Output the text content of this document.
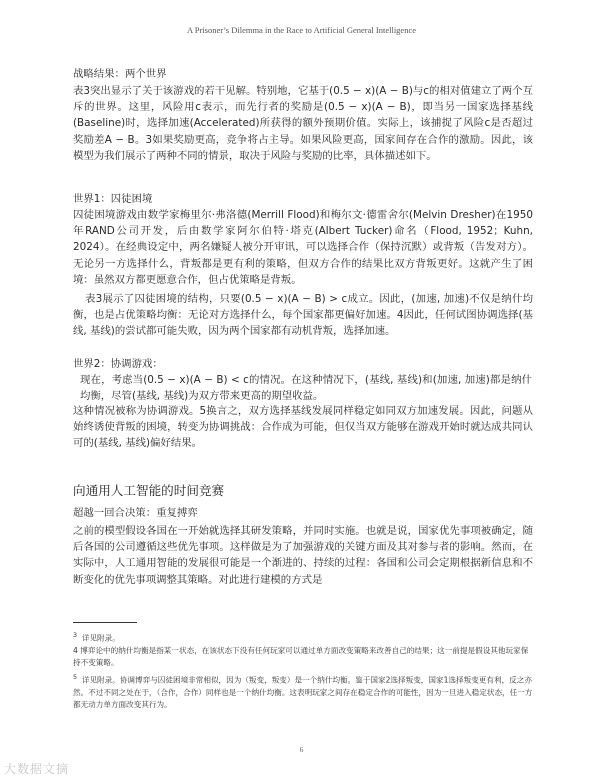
A Prisoner’s Dilemma in the Race to Artificial General Intelligence

战略结果：两个世界

表3突出显示了关于该游戏的若干见解。特别地，它基于(0.5 − x)(A − B)与c的相对值建立了两个互斥的世界。这里，风险用c表示，而先行者的奖励是(0.5 − x)(A − B)，即当另一国家选择基线(Baseline)时，选择加速(Accelerated)所获得的额外预期价值。实际上，该捕捉了风险c是否超过奖励差A − B。3如果奖励更高，竞争将占主导。如果风险更高，国家间存在合作的激励。因此，该模型为我们展示了两种不同的情景，取决于风险与奖励的比率，具体描述如下。

世界1：囚徒困境

囚徒困境游戏由数学家梅里尔·弗洛德(Merrill Flood)和梅尔文·德雷舍尔(Melvin Dresher)在1950年RAND公司开发，后由数学家阿尔伯特·塔克(Albert Tucker)命名（Flood, 1952；Kuhn, 2024）。在经典设定中，两名嫌疑人被分开审讯，可以选择合作（保持沉默）或背叛（告发对方）。无论另一方选择什么，背叛都是更有利的策略，但双方合作的结果比双方背叛更好。这就产生了困境：虽然双方都更愿意合作，但占优策略是背叛。

表3展示了囚徒困境的结构，只要(0.5 − x)(A − B) > c成立。因此，(加速, 加速)不仅是纳什均衡，也是占优策略均衡：无论对方选择什么，每个国家都更偏好加速。4因此，任何试图协调选择(基线, 基线)的尝试都可能失败，因为两个国家都有动机背叛，选择加速。

世界2：协调游戏：

现在，考虑当(0.5 − x)(A − B) < c的情况。在这种情况下，(基线, 基线)和(加速, 加速)都是纳什均衡，尽管(基线, 基线)为双方带来更高的期望收益。

这种情况被称为协调游戏。5换言之，双方选择基线发展同样稳定如同双方加速发展。因此，问题从始终诱使背叛的困境，转变为协调挑战：合作成为可能，但仅当双方能够在游戏开始时就达成共同认可的(基线, 基线)偏好结果。

向通用人工智能的时间竞赛

超越一回合决策：重复搏弈

之前的模型假设各国在一开始就选择其研发策略，并同时实施。也就是说，国家优先事项被确定，随后各国的公司遵循这些优先事项。这样做是为了加强游戏的关键方面及其对参与者的影响。然而，在实际中，人工通用智能的发展很可能是一个渐进的、持续的过程：各国和公司会定期根据新信息和不断变化的优先事项调整其策略。对此进行建模的方式是

$^3$ 详见附录。

4 博弈论中的纳什均衡是指某一状态，在该状态下没有任何玩家可以通过单方面改变策略来改善自己的结果；这一前提是假设其他玩家保持不变策略。

$^5$ 详见附录。协调博弈与囚徒困境非常相似，因为（叛变，叛变）是一个纳什均衡。鉴于国家2选择叛变，国家1选择叛变更有利，反之亦然。不过不同之处在于，（合作，合作）同样也是一个纳什均衡。这表明玩家之间存在稳定合作的可能性，因为一旦进入稳定状态，任一方都无动力单方面改变其行为。

6
大数据文摘
